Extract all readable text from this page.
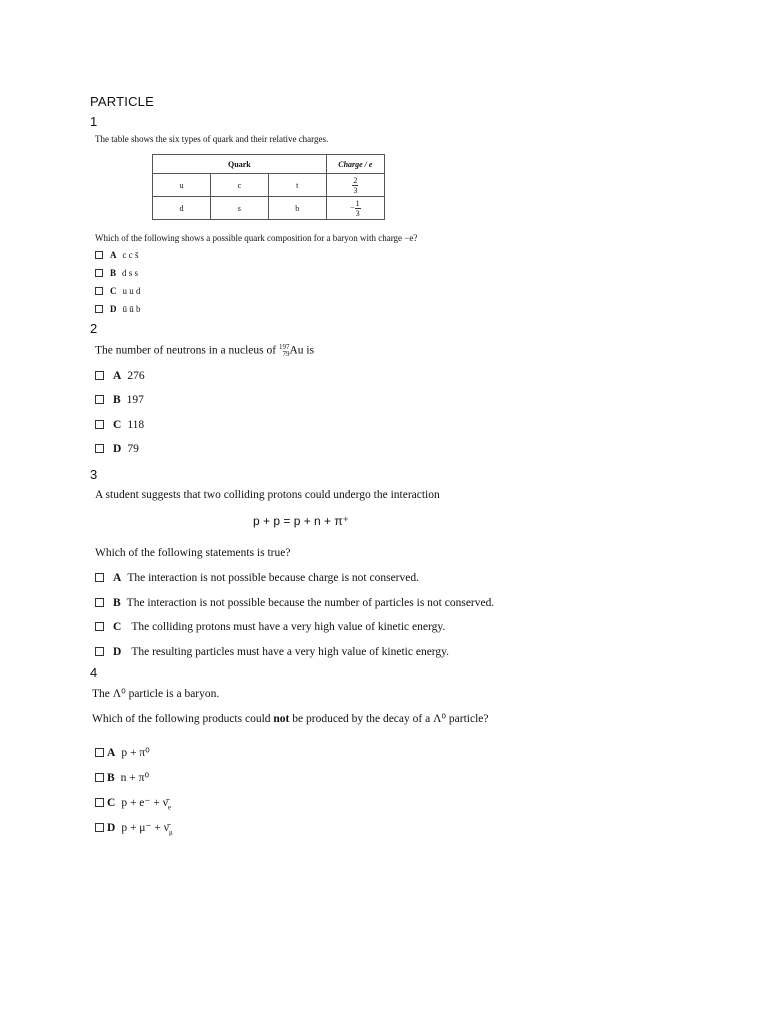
PARTICLE
1
The table shows the six types of quark and their relative charges.
Quark			Charge / e
u	c	t	$\frac{2}{3}$

d	s	b	− $\frac{1}{3}$
Which of the following shows a possible quark composition for a baryon with charge −e?
A c c s̄
B d s s
C u u d
D ū ū b
2
The number of neutrons in a nucleus of 197
79 Au is
A 276
B 197
C 118
D 79
3
A student suggests that two colliding protons could undergo the interaction
p + p = p + n + π⁺
Which of the following statements is true?
A The interaction is not possible because charge is not conserved.
B The interaction is not possible because the number of particles is not conserved.
C The colliding protons must have a very high value of kinetic energy.
D The resulting particles must have a very high value of kinetic energy.
4
The Λ⁰ particle is a baryon.
Which of the following products could not be produced by the decay of a Λ⁰ particle?
A p + π⁰
B n + π⁰
C $p + e^- + \nū_e$
D $p + \mu^- + \nū_\mu$
